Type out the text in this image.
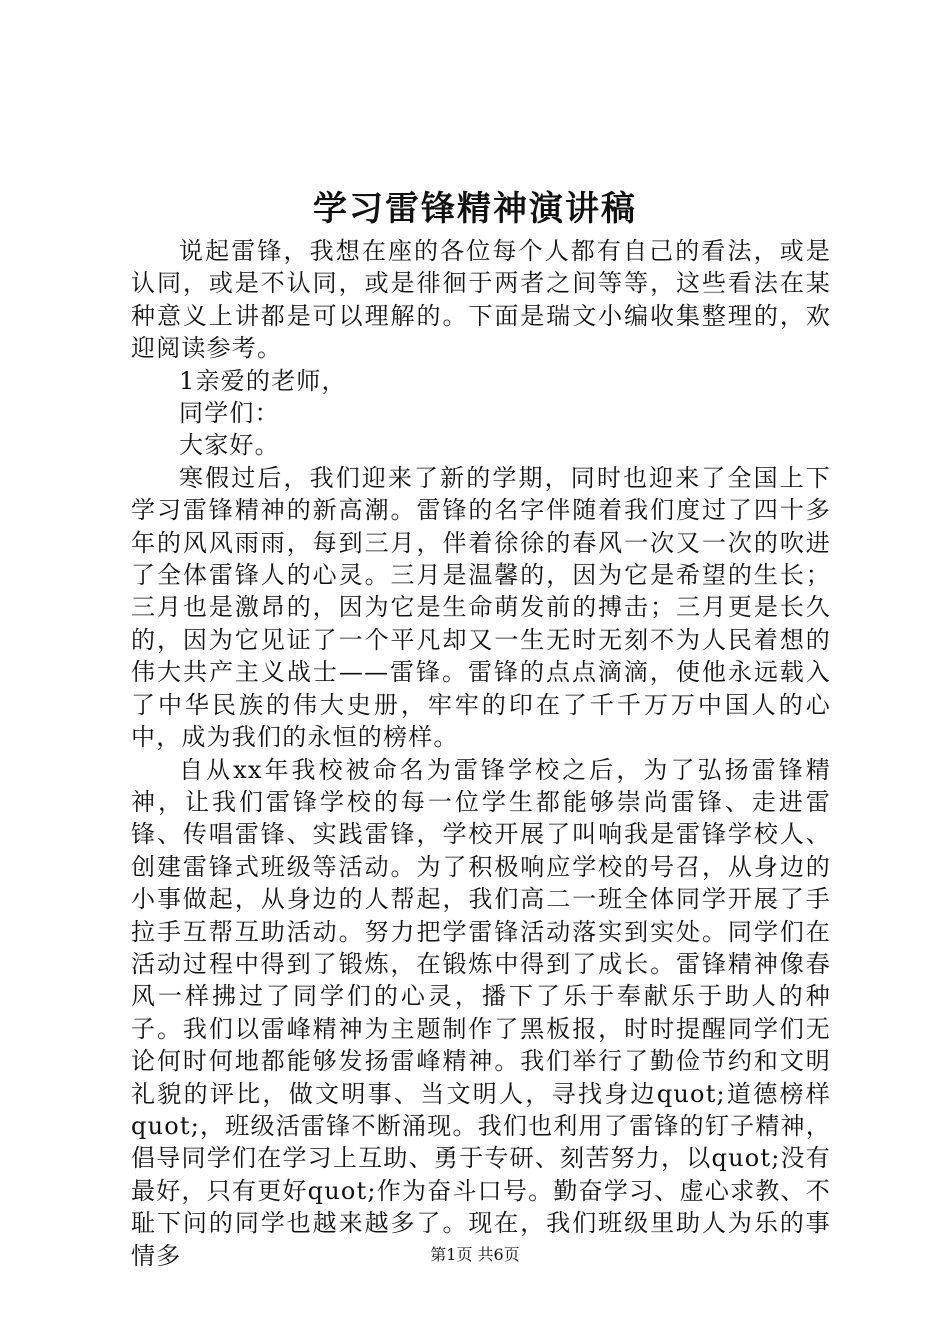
学习雷锋精神演讲稿

说起雷锋，我想在座的各位每个人都有自己的看法，或是认同，或是不认同，或是徘徊于两者之间等等，这些看法在某种意义上讲都是可以理解的。下面是瑞文小编收集整理的，欢迎阅读参考。

1亲爱的老师，

同学们：

大家好。

寒假过后，我们迎来了新的学期，同时也迎来了全国上下学习雷锋精神的新高潮。雷锋的名字伴随着我们度过了四十多年的风风雨雨，每到三月，伴着徐徐的春风一次又一次的吹进了全体雷锋人的心灵。三月是温馨的，因为它是希望的生长；三月也是激昂的，因为它是生命萌发前的搏击；三月更是长久的，因为它见证了一个平凡却又一生无时无刻不为人民着想的伟大共产主义战士——雷锋。雷锋的点点滴滴，使他永远载入了中华民族的伟大史册，牢牢的印在了千千万万中国人的心中，成为我们的永恒的榜样。

自从xx年我校被命名为雷锋学校之后，为了弘扬雷锋精神，让我们雷锋学校的每一位学生都能够崇尚雷锋、走进雷锋、传唱雷锋、实践雷锋，学校开展了叫响我是雷锋学校人、创建雷锋式班级等活动。为了积极响应学校的号召，从身边的小事做起，从身边的人帮起，我们高二一班全体同学开展了手拉手互帮互助活动。努力把学雷锋活动落实到实处。同学们在活动过程中得到了锻炼，在锻炼中得到了成长。雷锋精神像春风一样拂过了同学们的心灵，播下了乐于奉献乐于助人的种子。我们以雷峰精神为主题制作了黑板报，时时提醒同学们无论何时何地都能够发扬雷峰精神。我们举行了勤俭节约和文明礼貌的评比，做文明事、当文明人，寻找身边quot;道德榜样quot;，班级活雷锋不断涌现。我们也利用了雷锋的钉子精神，倡导同学们在学习上互助、勇于专研、刻苦努力，以quot;没有最好，只有更好quot;作为奋斗口号。勤奋学习、虚心求教、不耻下问的同学也越来越多了。现在，我们班级里助人为乐的事情多	第1页 共6页
